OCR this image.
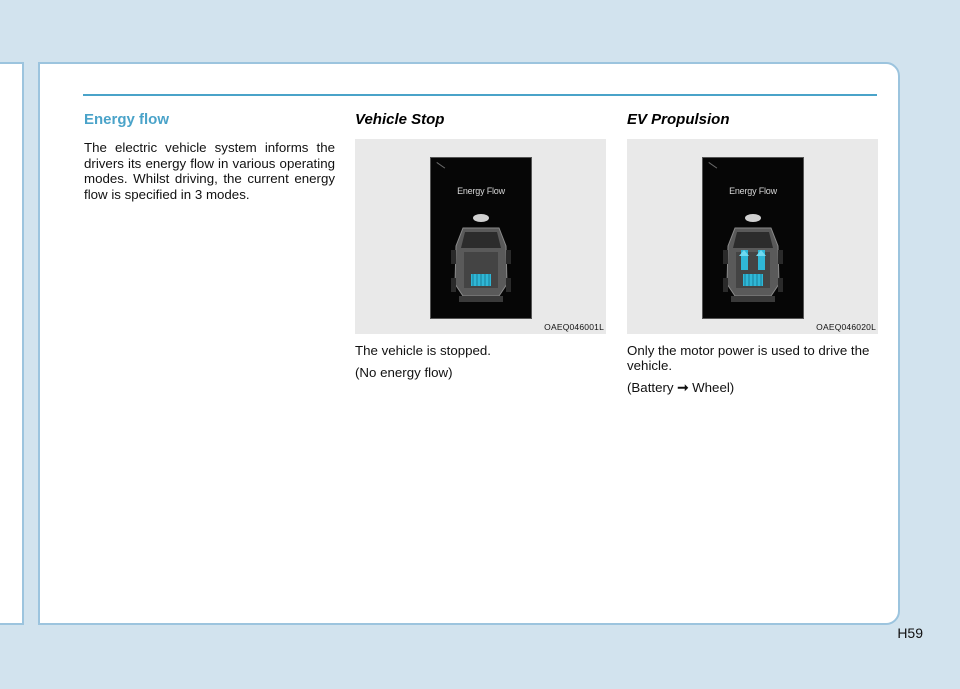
Energy flow

The electric vehicle system informs the drivers its energy flow in various operating modes. Whilst driving, the current energy flow is specified in 3 modes.

Vehicle Stop
Energy Flow
OAEQ046001L

The vehicle is stopped.

(No energy flow)

EV Propulsion
Energy Flow
OAEQ046020L

Only the motor power is used to drive the vehicle.

(Battery ➞ Wheel)

H59
